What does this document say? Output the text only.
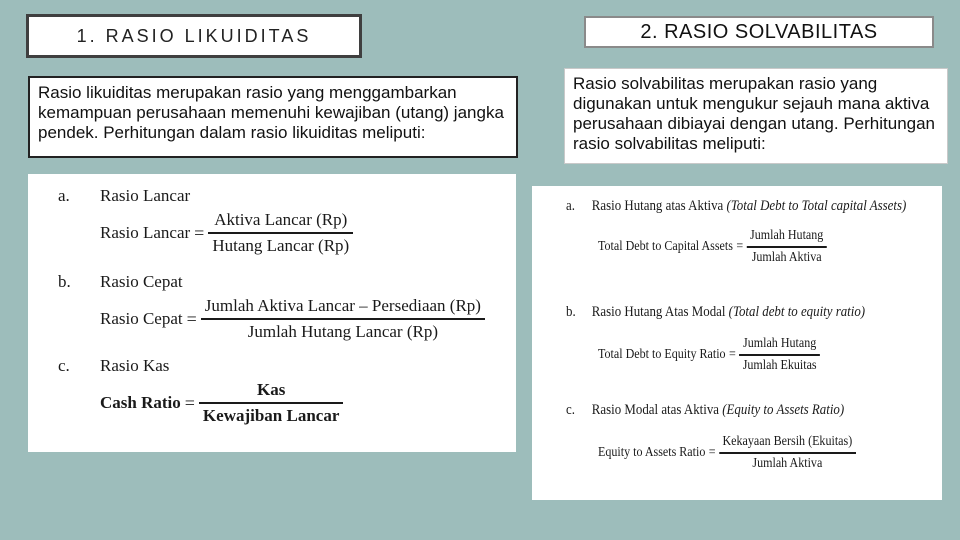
1. RASIO LIKUIDITAS	2. RASIO SOLVABILITAS
Rasio likuiditas merupakan rasio yang menggambarkan kemampuan perusahaan memenuhi kewajiban (utang) jangka pendek. Perhitungan dalam rasio likuiditas meliputi:
Rasio solvabilitas merupakan rasio yang digunakan untuk mengukur sejauh mana aktiva perusahaan dibiayai dengan utang. Perhitungan rasio solvabilitas meliputi:
a. Rasio Lancar
Rasio Lancar = $\frac{\text{Aktiva Lancar (Rp)}}{\text{Hutang Lancar (Rp)}}$
b. Rasio Cepat
Rasio Cepat = $\frac{\text{Jumlah Aktiva Lancar – Persediaan (Rp)}}{\text{Jumlah Hutang Lancar (Rp)}}$
c. Rasio Kas
Cash Ratio = $\frac{\text{Kas}}{\text{Kewajiban Lancar}}$
a. Rasio Hutang atas Aktiva (Total Debt to Total capital Assets)
Total Debt to Capital Assets = $\frac{\text{Jumlah Hutang}}{\text{Jumlah Aktiva}}$
b. Rasio Hutang Atas Modal (Total debt to equity ratio)
Total Debt to Equity Ratio = $\frac{\text{Jumlah Hutang}}{\text{Jumlah Ekuitas}}$
c. Rasio Modal atas Aktiva (Equity to Assets Ratio)
Equity to Assets Ratio = $\frac{\text{Kekayaan Bersih (Ekuitas)}}{\text{Jumlah Aktiva}}$
